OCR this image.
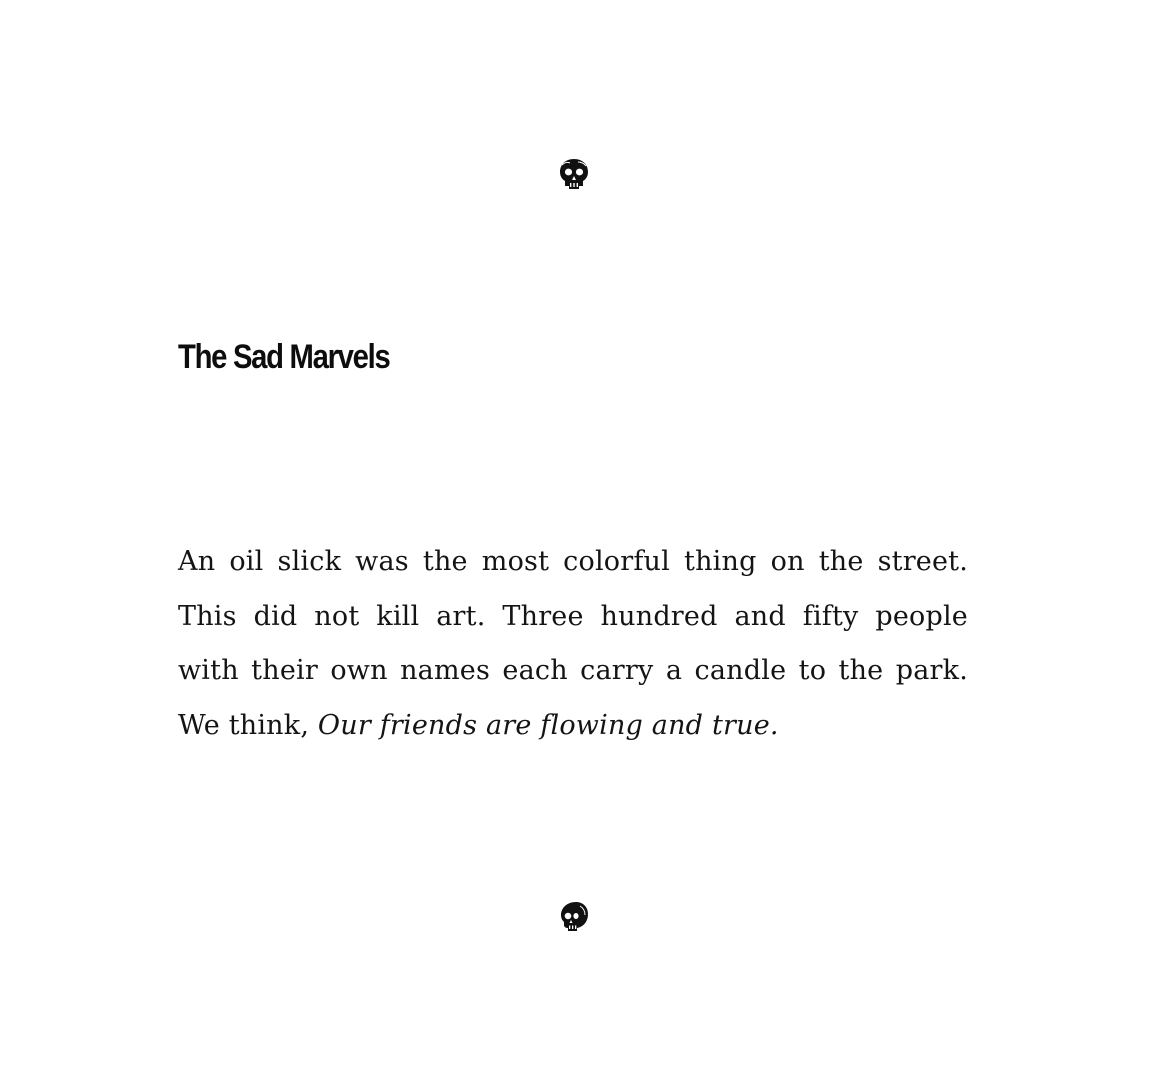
The Sad Marvels
An oil slick was the most colorful thing on the street.
This did not kill art. Three hundred and fifty people
with their own names each carry a candle to the park.
We think, Our friends are flowing and true.
